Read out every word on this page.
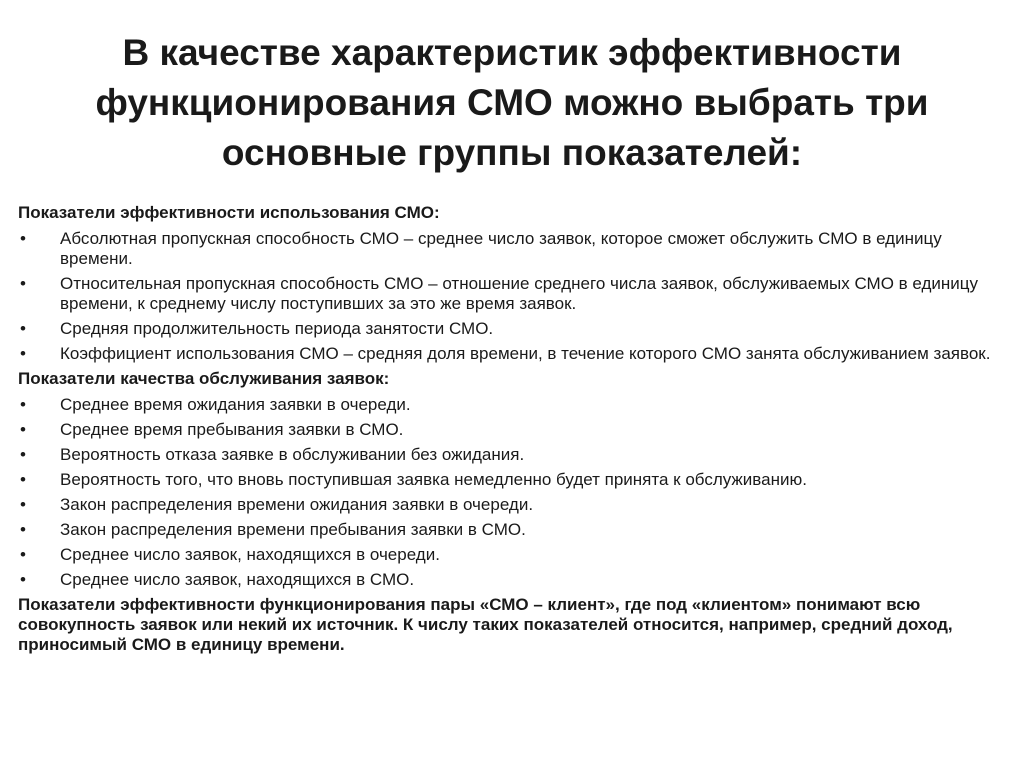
В качестве характеристик эффективности
функционирования СМО можно выбрать три
основные группы показателей:
Показатели эффективности использования СМО:
•	Абсолютная пропускная способность СМО – среднее число заявок, которое сможет обслужить СМО в единицу времени.
•	Относительная пропускная способность СМО – отношение среднего числа заявок, обслуживаемых СМО в единицу времени, к среднему числу поступивших за это же время заявок.
•	Средняя продолжительность периода занятости СМО.
•	Коэффициент использования СМО – средняя доля времени, в течение которого СМО занята обслуживанием заявок.
Показатели качества обслуживания заявок:
•	Среднее время ожидания заявки в очереди.
•	Среднее время пребывания заявки в СМО.
•	Вероятность отказа заявке в обслуживании без ожидания.
•	Вероятность того, что вновь поступившая заявка немедленно будет принята к обслуживанию.
•	Закон распределения времени ожидания заявки в очереди.
•	Закон распределения времени пребывания заявки в СМО.
•	Среднее число заявок, находящихся в очереди.
•	Среднее число заявок, находящихся в СМО.

Показатели эффективности функционирования пары «СМО – клиент», где под «клиентом» понимают всю совокупность заявок или некий их источник. К числу таких показателей относится, например, средний доход, приносимый СМО в единицу времени.
